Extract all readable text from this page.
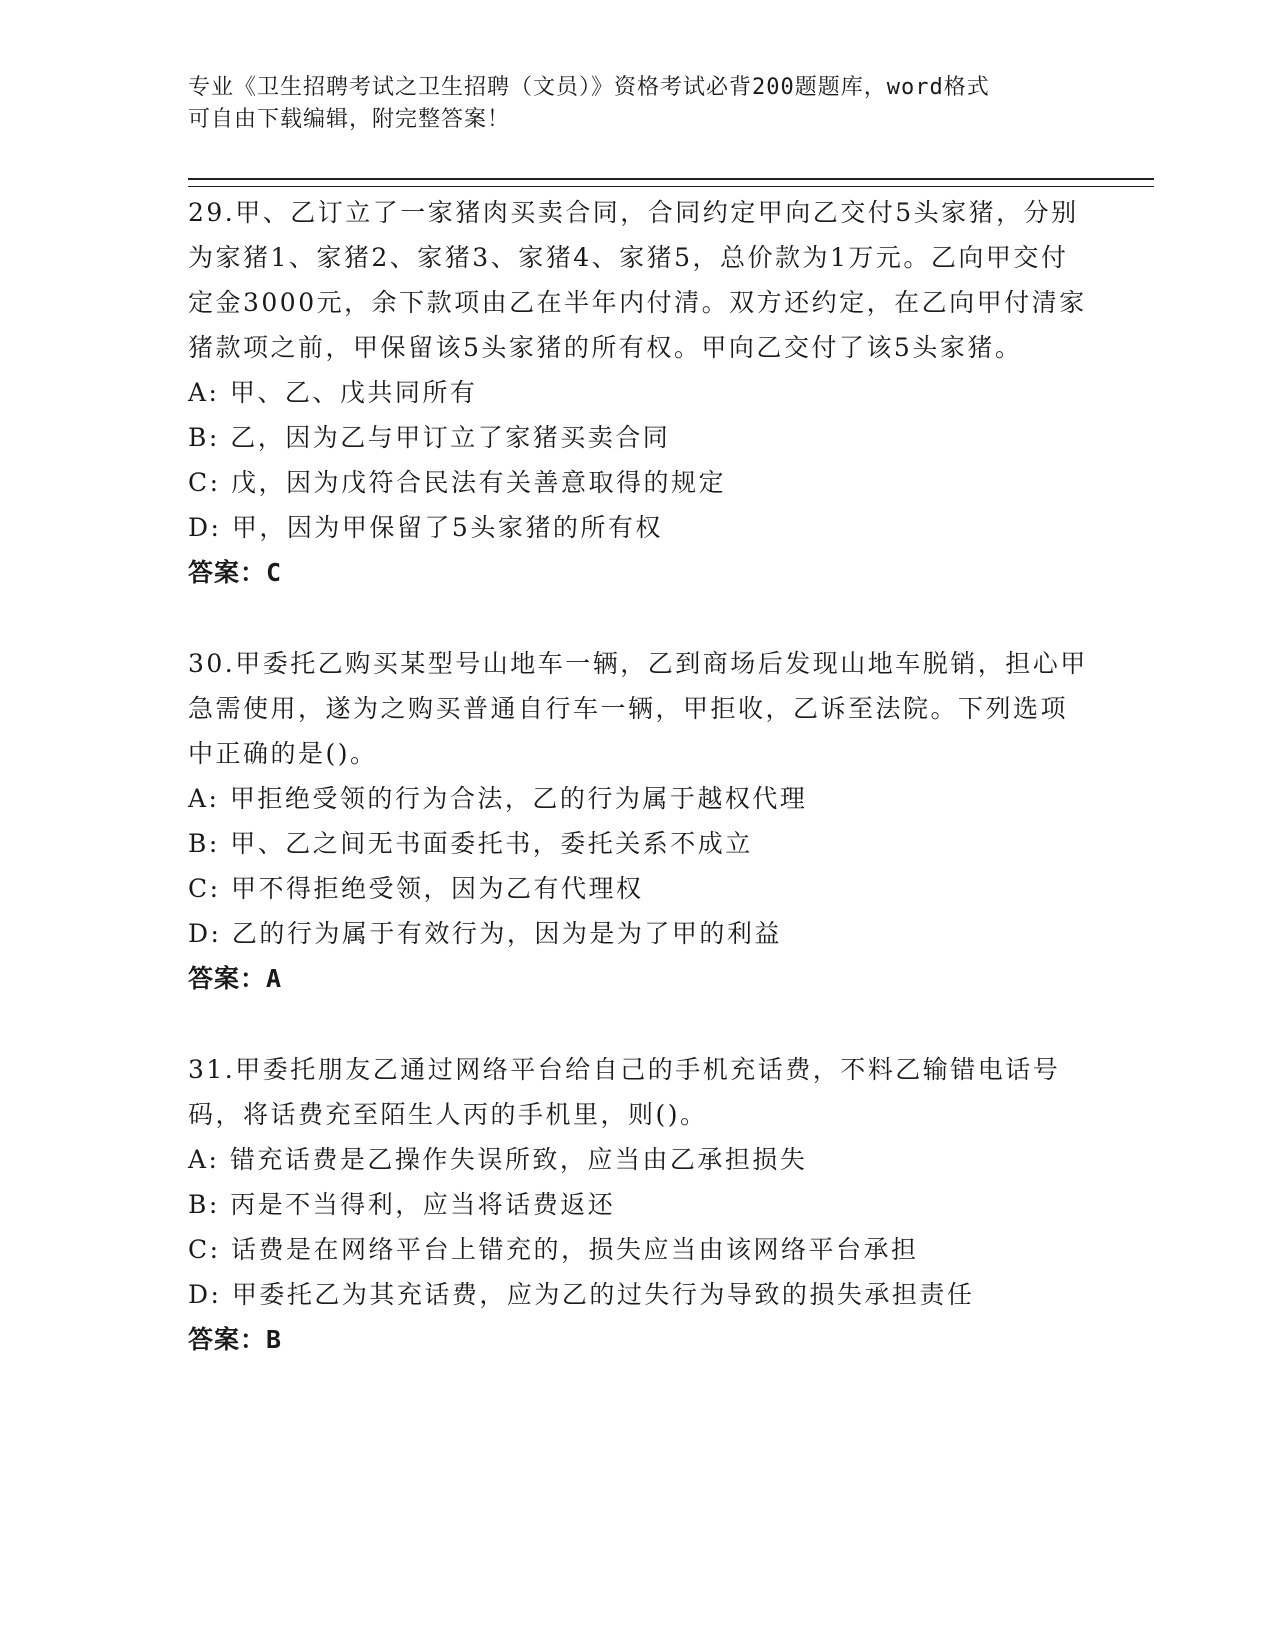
专业《卫生招聘考试之卫生招聘（文员）》资格考试必背200题题库，word格式
可自由下载编辑，附完整答案！

29.甲、乙订立了一家猪肉买卖合同，合同约定甲向乙交付5头家猪，分别为家猪1、家猪2、家猪3、家猪4、家猪5，总价款为1万元。乙向甲交付定金3000元，余下款项由乙在半年内付清。双方还约定，在乙向甲付清家猪款项之前，甲保留该5头家猪的所有权。甲向乙交付了该5头家猪。

A: 甲、乙、戊共同所有

B: 乙，因为乙与甲订立了家猪买卖合同

C: 戊，因为戊符合民法有关善意取得的规定

D: 甲，因为甲保留了5头家猪的所有权

答案：C

30.甲委托乙购买某型号山地车一辆，乙到商场后发现山地车脱销，担心甲急需使用，遂为之购买普通自行车一辆，甲拒收，乙诉至法院。下列选项中正确的是()。

A: 甲拒绝受领的行为合法，乙的行为属于越权代理

B: 甲、乙之间无书面委托书，委托关系不成立

C: 甲不得拒绝受领，因为乙有代理权

D: 乙的行为属于有效行为，因为是为了甲的利益

答案：A

31.甲委托朋友乙通过网络平台给自己的手机充话费，不料乙输错电话号码，将话费充至陌生人丙的手机里，则()。

A: 错充话费是乙操作失误所致，应当由乙承担损失

B: 丙是不当得利，应当将话费返还

C: 话费是在网络平台上错充的，损失应当由该网络平台承担

D: 甲委托乙为其充话费，应为乙的过失行为导致的损失承担责任

答案：B
